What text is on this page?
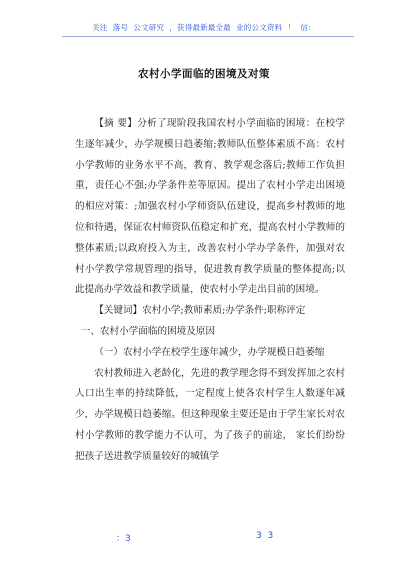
关注  落号  公文研究  ，获得最新最全最  业的公文资料  ！  信：
农村小学面临的困境及对策

【摘 要】分析了现阶段我国农村小学面临的困境：在校学生逐年减少，办学规模日趋萎缩;教师队伍整体素质不高：农村小学教师的业务水平不高，教育、教学观念落后;教师工作负担重，责任心不强;办学条件差等原因。提出了农村小学走出困境的相应对策：;加强农村小学师资队伍建设，提高乡村教师的地位和待遇，保证农村师资队伍稳定和扩充，提高农村小学教师的整体素质;以政府投入为主，改善农村小学办学条件，加强对农村小学教学常规管理的指导，促进教育教学质量的整体提高;以此提高办学效益和教学质量，使农村小学走出目前的困境。

【关键词】农村小学;教师素质;办学条件;职称评定

一、农村小学面临的困境及原因

（一）农村小学在校学生逐年减少，办学规模日趋萎缩

农村教师进入老龄化，先进的教学理念得不到发挥加之农村人口出生率的持续降低，一定程度上使各农村学生人数逐年减少，办学规模日趋萎缩。但这种现象主要还是由于学生家长对农村小学教师的教学能力不认可，为了孩子的前途， 家长们纷纷把孩子送进教学质量较好的城镇学

：3	3  3
